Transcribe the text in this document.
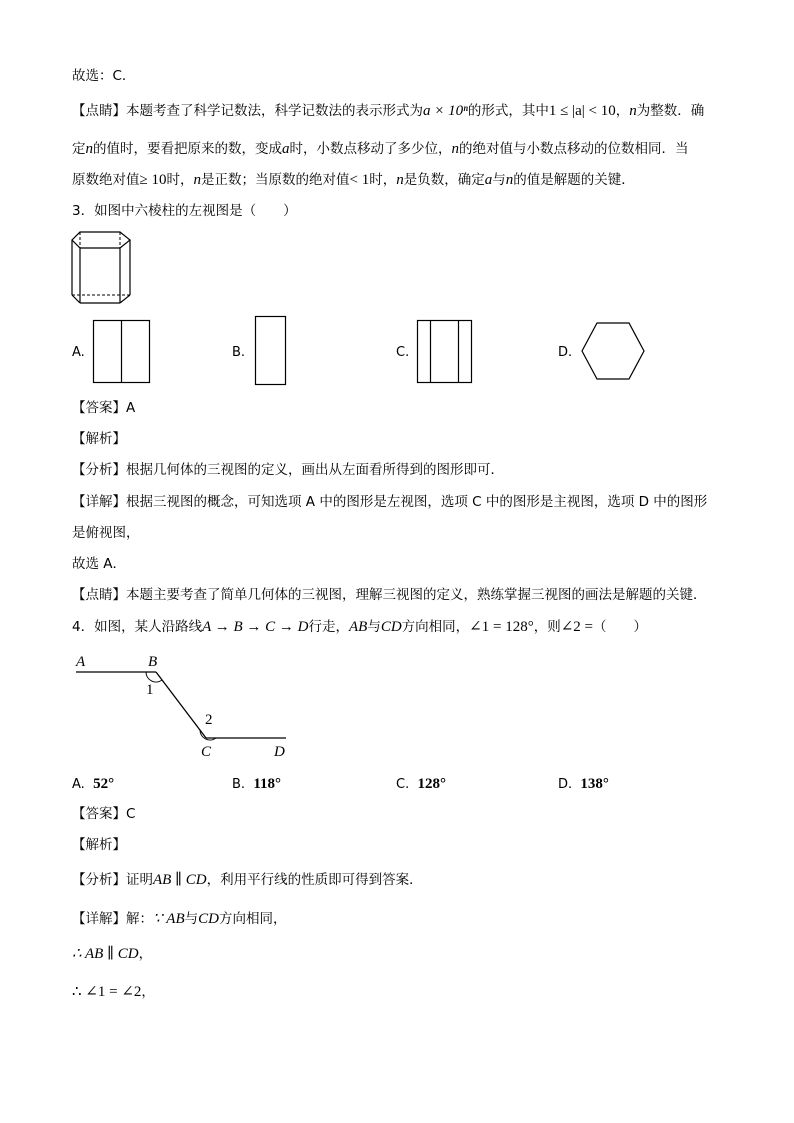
故选：C．
【点睛】本题考查了科学记数法，科学记数法的表示形式为a × 10ⁿ的形式，其中1 ≤ |a| < 10，n为整数．确
定n的值时，要看把原来的数，变成a时，小数点移动了多少位，n的绝对值与小数点移动的位数相同．当
原数绝对值≥ 10时，n是正数；当原数的绝对值< 1时，n是负数，确定a与n的值是解题的关键．
3．如图中六棱柱的左视图是（　　）
A.	B.	C.	D.
【答案】A
【解析】
【分析】根据几何体的三视图的定义，画出从左面看所得到的图形即可．
【详解】根据三视图的概念，可知选项 A 中的图形是左视图，选项 C 中的图形是主视图，选项 D 中的图形
是俯视图，
故选 A．
【点睛】本题主要考查了简单几何体的三视图，理解三视图的定义，熟练掌握三视图的画法是解题的关键．
4．如图，某人沿路线A → B → C → D行走，AB与CD方向相同，∠1 = 128°，则∠2 =（　　）
A	B
C	D
1
2
A. 52°	B. 118°	C. 128°	D. 138°
【答案】C
【解析】
【分析】证明AB ∥ CD，利用平行线的性质即可得到答案．
【详解】解：∵ AB与CD方向相同，
∴ AB ∥ CD，
∴ ∠1 = ∠2，
